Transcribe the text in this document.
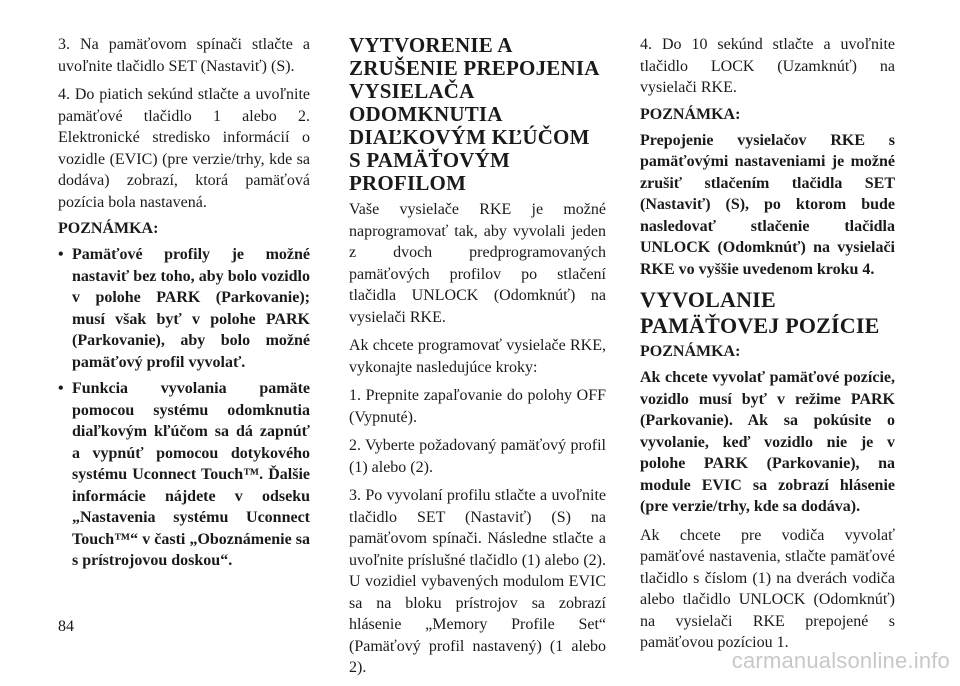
3. Na pamäťovom spínači stlačte a uvoľnite tlačidlo SET (Nastaviť) (S).

4. Do piatich sekúnd stlačte a uvoľnite pamäťové tlačidlo 1 alebo 2. Elektronické stredisko informácií o vozidle (EVIC) (pre verzie/trhy, kde sa dodáva) zobrazí, ktorá pamäťová pozícia bola nastavená.

POZNÁMKA:
• Pamäťové profily je možné nastaviť bez toho, aby bolo vozidlo v polohe PARK (Parkovanie); musí však byť v polohe PARK (Parkovanie), aby bolo možné pamäťový profil vyvolať.
• Funkcia vyvolania pamäte pomocou systému odomknutia diaľkovým kľúčom sa dá zapnúť a vypnúť pomocou dotykového systému Uconnect Touch™. Ďalšie informácie nájdete v odseku „Nastavenia systému Uconnect Touch™“ v časti „Oboznámenie sa s prístrojovou doskou“.
VYTVORENIE A ZRUŠENIE PREPOJENIA VYSIELAČA ODOMKNUTIA DIAĽKOVÝM KĽÚČOM S PAMÄŤOVÝM PROFILOM

Vaše vysielače RKE je možné naprogramovať tak, aby vyvolali jeden z dvoch predprogramovaných pamäťových profilov po stlačení tlačidla UNLOCK (Odomknúť) na vysielači RKE.

Ak chcete programovať vysielače RKE, vykonajte nasledujúce kroky:

1. Prepnite zapaľovanie do polohy OFF (Vypnuté).

2. Vyberte požadovaný pamäťový profil (1) alebo (2).

3. Po vyvolaní profilu stlačte a uvoľnite tlačidlo SET (Nastaviť) (S) na pamäťovom spínači. Následne stlačte a uvoľnite príslušné tlačidlo (1) alebo (2). U vozidiel vybavených modulom EVIC sa na bloku prístrojov sa zobrazí hlásenie „Memory Profile Set“ (Pamäťový profil nastavený) (1 alebo 2).

4. Do 10 sekúnd stlačte a uvoľnite tlačidlo LOCK (Uzamknúť) na vysielači RKE.

POZNÁMKA:

Prepojenie vysielačov RKE s pamäťovými nastaveniami je možné zrušiť stlačením tlačidla SET (Nastaviť) (S), po ktorom bude nasledovať stlačenie tlačidla UNLOCK (Odomknúť) na vysielači RKE vo vyššie uvedenom kroku 4.

VYVOLANIE PAMÄŤOVEJ POZÍCIE
POZNÁMKA:

Ak chcete vyvolať pamäťové pozície, vozidlo musí byť v režime PARK (Parkovanie). Ak sa pokúsite o vyvolanie, keď vozidlo nie je v polohe PARK (Parkovanie), na module EVIC sa zobrazí hlásenie (pre verzie/trhy, kde sa dodáva).

Ak chcete pre vodiča vyvolať pamäťové nastavenia, stlačte pamäťové tlačidlo s číslom (1) na dverách vodiča alebo tlačidlo UNLOCK (Odomknúť) na vysielači RKE prepojené s pamäťovou pozíciou 1.

84
carmanualsonline.info
